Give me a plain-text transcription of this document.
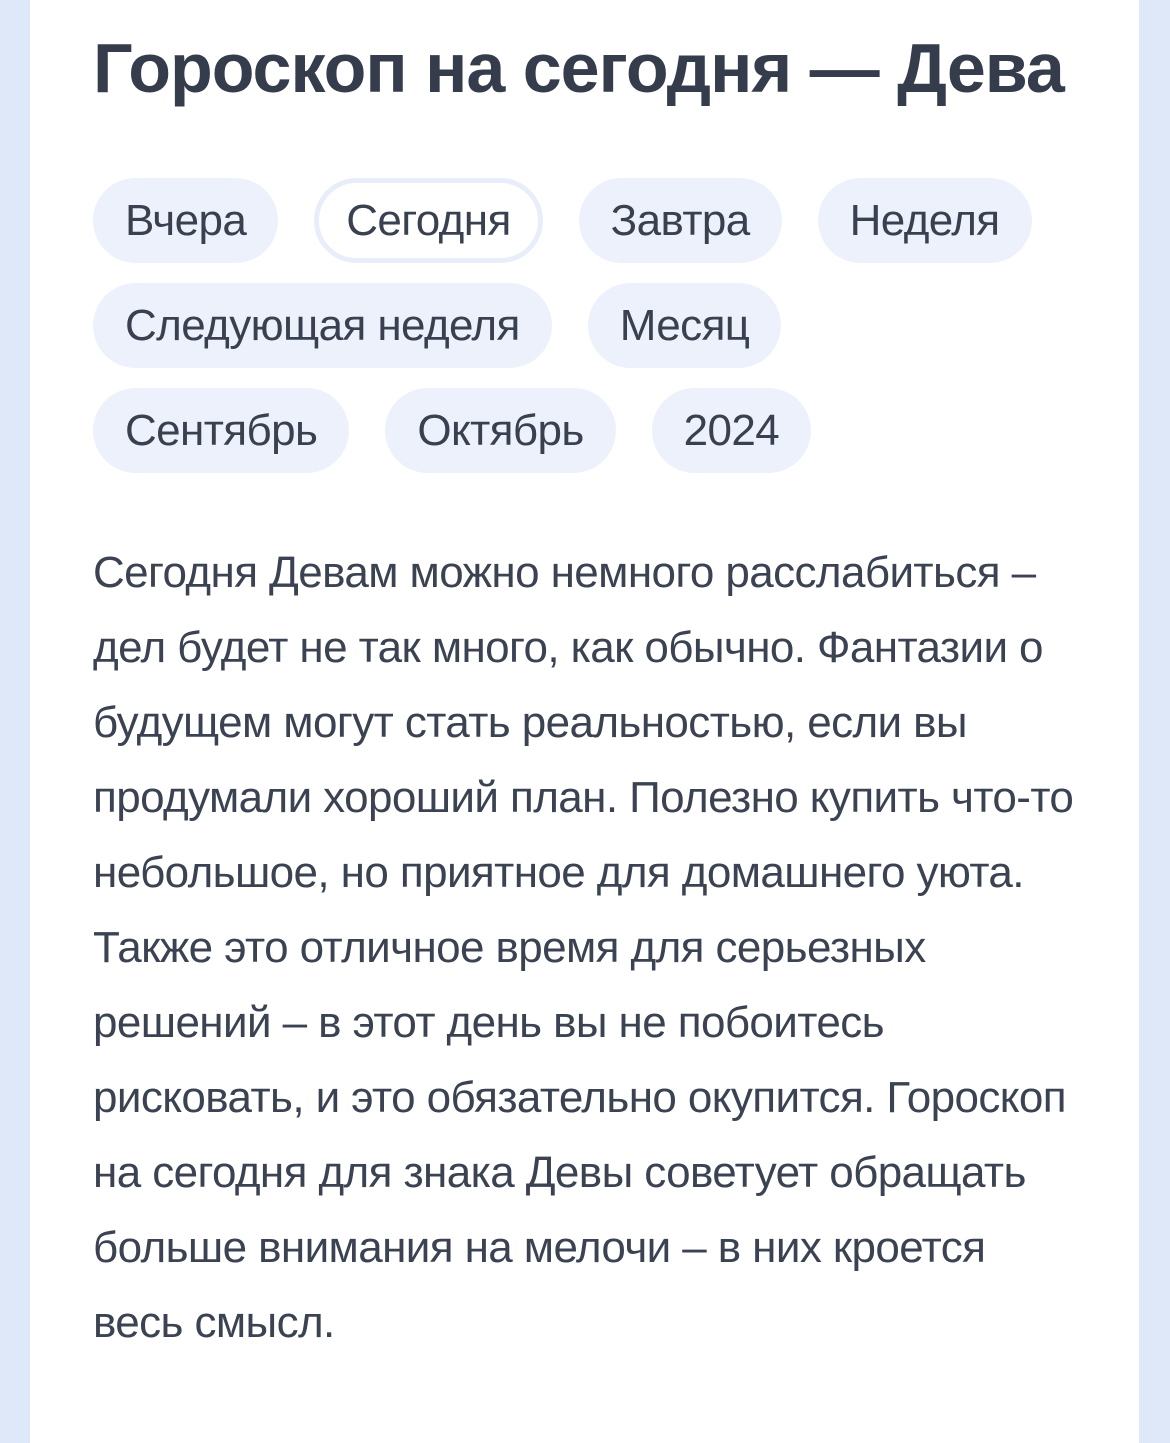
Гороскоп на сегодня — Дева
Вчера	Сегодня	Завтра	Неделя
Следующая неделя	Месяц
Сентябрь	Октябрь	2024

Сегодня Девам можно немного расслабиться – дел будет не так много, как обычно. Фантазии о будущем могут стать реальностью, если вы продумали хороший план. Полезно купить что-то небольшое, но приятное для домашнего уюта. Также это отличное время для серьезных решений – в этот день вы не побоитесь рисковать, и это обязательно окупится. Гороскоп на сегодня для знака Девы советует обращать больше внимания на мелочи – в них кроется весь смысл.
